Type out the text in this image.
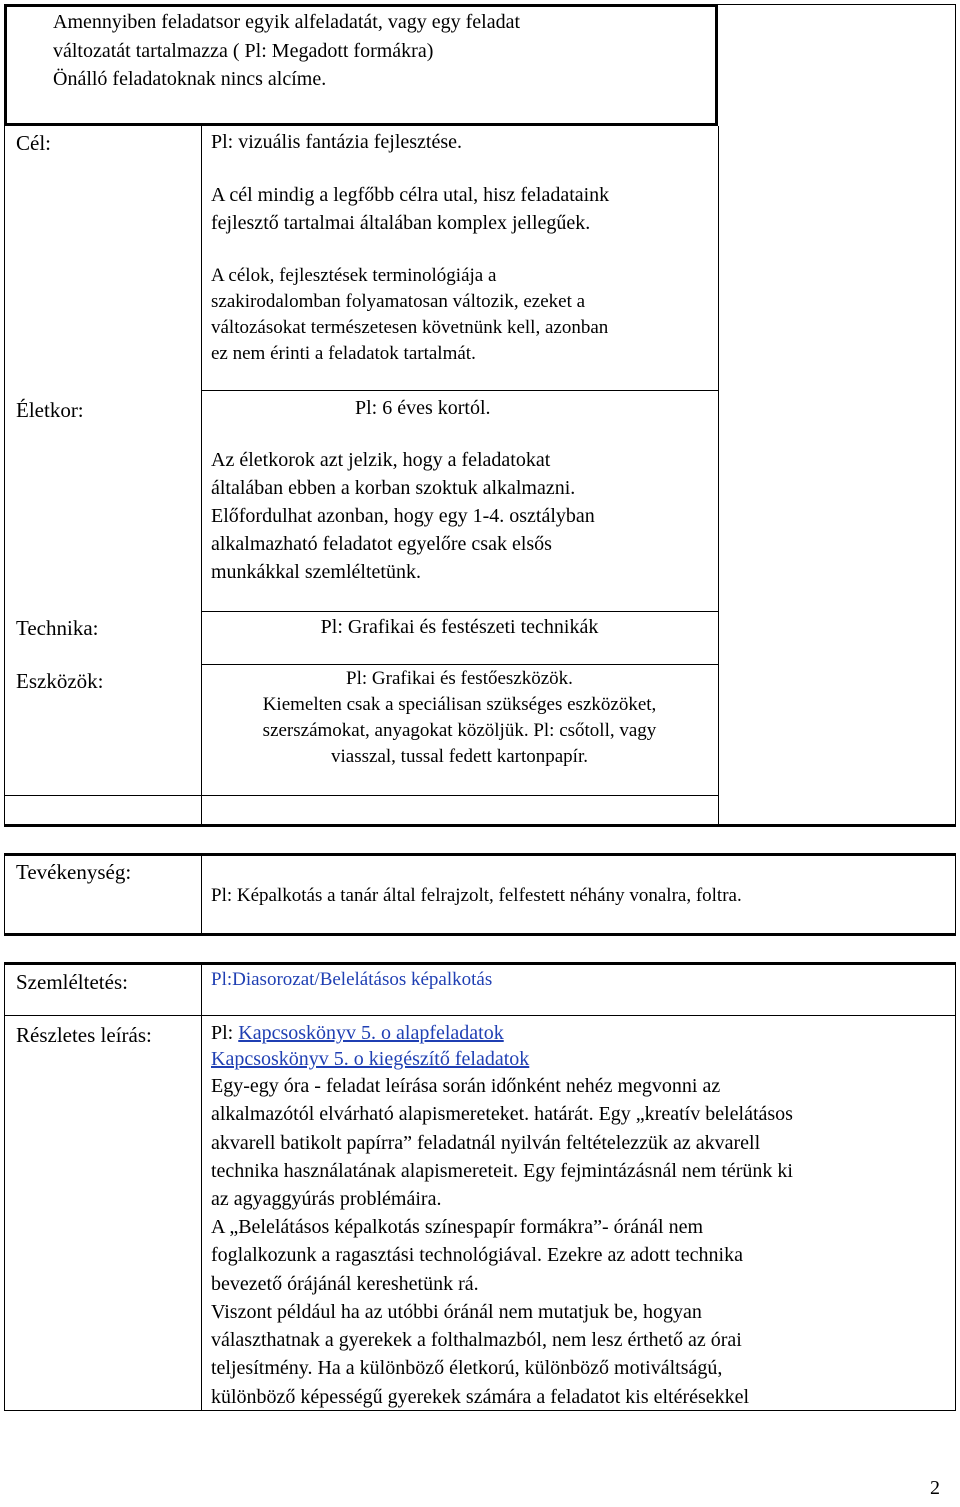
Amennyiben feladatsor egyik alfeladatát, vagy egy feladat
változatát tartalmazza ( Pl: Megadott formákra)
Önálló feladatoknak nincs alcíme.
Cél:	Pl: vizuális fantázia fejlesztése.
A cél mindig a legfőbb célra utal, hisz feladataink
fejlesztő tartalmai általában komplex jellegűek.
A célok, fejlesztések terminológiája a
szakirodalomban folyamatosan változik, ezeket a
változásokat természetesen követnünk kell, azonban
ez nem érinti a feladatok tartalmát.
Életkor:	Pl: 6 éves kortól.
Az életkorok azt jelzik, hogy a feladatokat
általában ebben a korban szoktuk alkalmazni.
Előfordulhat azonban, hogy egy 1-4. osztályban
alkalmazható feladatot egyelőre csak elsős
munkákkal szemléltetünk.
Technika:	Pl: Grafikai és festészeti technikák
Eszközök:	Pl: Grafikai és festőeszközök.
Kiemelten csak a speciálisan szükséges eszközöket,
szerszámokat, anyagokat közöljük. Pl: csőtoll, vagy
viasszal, tussal fedett kartonpapír.
Tevékenység:
Pl: Képalkotás a tanár által felrajzolt, felfestett néhány vonalra, foltra.
Szemléltetés:	Pl:Diasorozat/Belelátásos képalkotás
Részletes leírás:	Pl: Kapcsoskönyv 5. o alapfeladatok
Kapcsoskönyv 5. o kiegészítő feladatok
Egy-egy óra - feladat leírása során időnként nehéz megvonni az
alkalmazótól elvárható alapismereteket. határát. Egy „kreatív belelátásos
akvarell batikolt papírra” feladatnál nyilván feltételezzük az akvarell
technika használatának alapismereteit. Egy fejmintázásnál nem térünk ki
az agyaggyúrás problémáira.
A „Belelátásos képalkotás színespapír formákra”- óránál nem
foglalkozunk a ragasztási technológiával. Ezekre az adott technika
bevezető órájánál kereshetünk rá.
Viszont például ha az utóbbi óránál nem mutatjuk be, hogyan
választhatnak a gyerekek a folthalmazból, nem lesz érthető az órai
teljesítmény. Ha a különböző életkorú, különböző motiváltságú,
különböző képességű gyerekek számára a feladatot kis eltérésekkel
2
